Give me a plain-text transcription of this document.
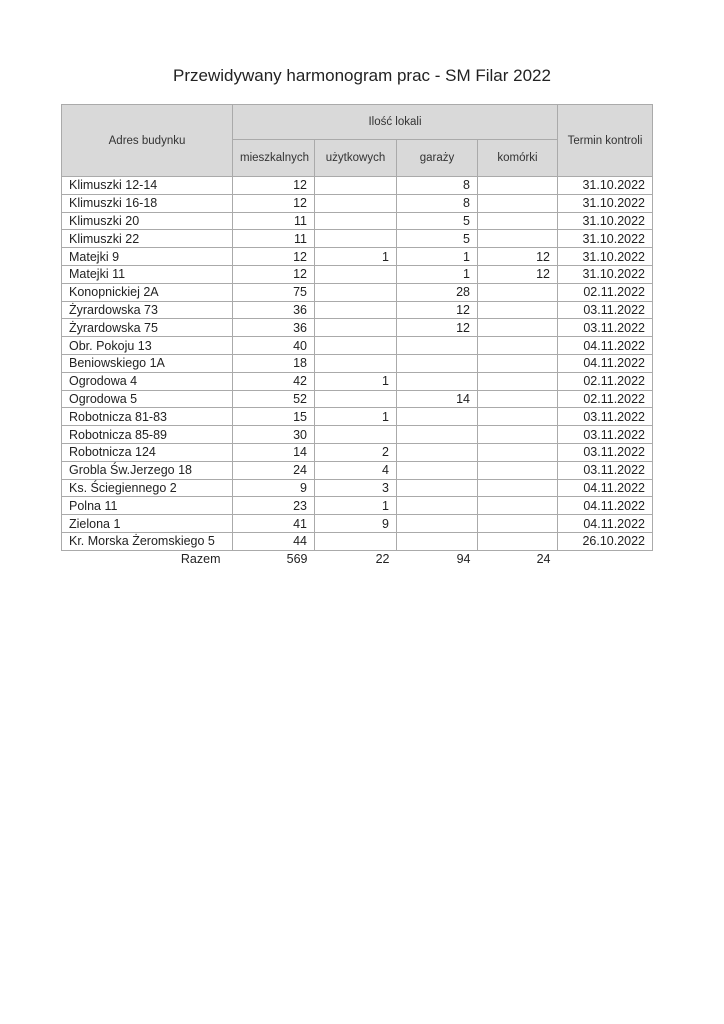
Przewidywany harmonogram prac - SM Filar 2022
Adres budynku	Ilość lokali				Termin kontroli
	mieszkalnych	użytkowych	garaży	komórki	
Klimuszki 12-14	12		8		31.10.2022
Klimuszki 16-18	12		8		31.10.2022
Klimuszki 20	11		5		31.10.2022
Klimuszki 22	11		5		31.10.2022
Matejki 9	12	1	1	12	31.10.2022
Matejki 11	12		1	12	31.10.2022
Konopnickiej 2A	75		28		02.11.2022
Żyrardowska 73	36		12		03.11.2022
Żyrardowska 75	36		12		03.11.2022
Obr. Pokoju 13	40				04.11.2022
Beniowskiego 1A	18				04.11.2022
Ogrodowa 4	42	1			02.11.2022
Ogrodowa 5	52		14		02.11.2022
Robotnicza 81-83	15	1			03.11.2022
Robotnicza 85-89	30				03.11.2022
Robotnicza 124	14	2			03.11.2022
Grobla Św.Jerzego 18	24	4			03.11.2022
Ks. Ściegiennego 2	9	3			04.11.2022
Polna 11	23	1			04.11.2022
Zielona 1	41	9			04.11.2022
Kr. Morska Żeromskiego 5	44				26.10.2022
Razem	569	22	94	24	
